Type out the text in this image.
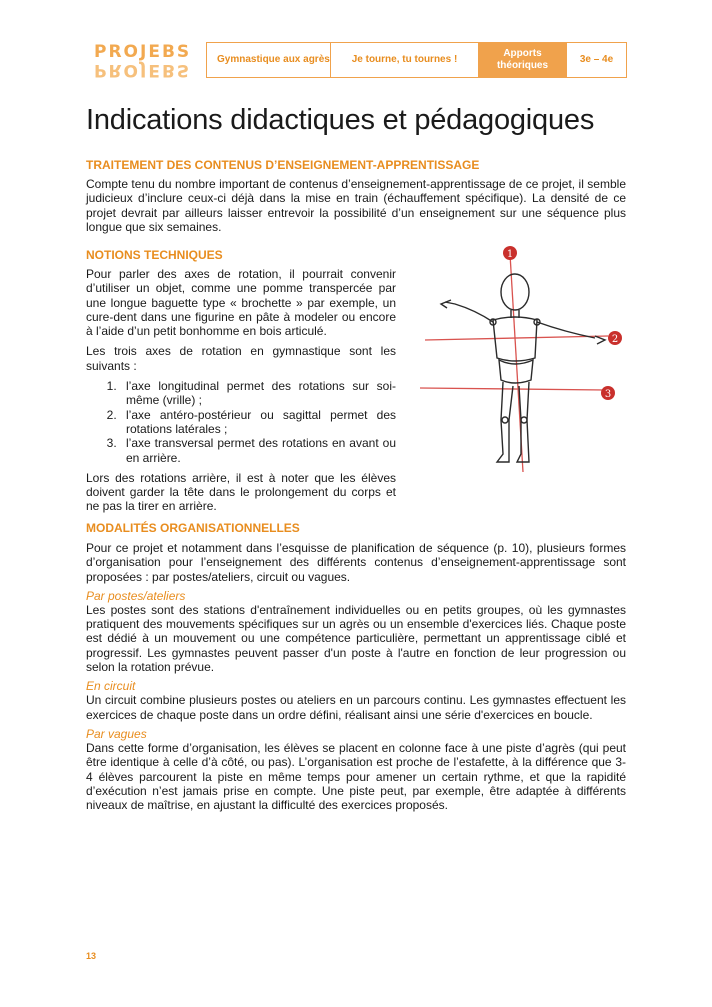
PROJEBS
PROJEBS
Gymnastique aux agrès	Je tourne, tu tournes !
Apports théoriques
3e – 4e
Indications didactiques et pédagogiques
TRAITEMENT DES CONTENUS D’ENSEIGNEMENT-APPRENTISSAGE

Compte tenu du nombre important de contenus d’enseignement-apprentissage de ce projet, il semble judicieux d’inclure ceux-ci déjà dans la mise en train (échauffement spécifique). La densité de ce projet devrait par ailleurs laisser entrevoir la possibilité d’un enseignement sur une séquence plus longue que six semaines.

NOTIONS TECHNIQUES

Pour parler des axes de rotation, il pourrait convenir d’utiliser un objet, comme une pomme transpercée par une longue baguette type « brochette » par exemple, un cure-dent dans une figurine en pâte à modeler ou encore à l’aide d’un petit bonhomme en bois articulé.

Les trois axes de rotation en gymnastique sont les suivants :

1. l’axe longitudinal permet des rotations sur soi-même (vrille) ;
2. l’axe antéro-postérieur ou sagittal permet des rotations latérales ;
3. l’axe transversal permet des rotations en avant ou en arrière.

Lors des rotations arrière, il est à noter que les élèves doivent garder la tête dans le prolongement du corps et ne pas la tirer en arrière.

1
2
3
MODALITÉS ORGANISATIONNELLES

Pour ce projet et notamment dans l’esquisse de planification de séquence (p. 10), plusieurs formes d’organisation pour l’enseignement des différents contenus d’enseignement-apprentissage sont proposées : par postes/ateliers, circuit ou vagues.

Par postes/ateliers

Les postes sont des stations d'entraînement individuelles ou en petits groupes, où les gymnastes pratiquent des mouvements spécifiques sur un agrès ou un ensemble d'exercices liés. Chaque poste est dédié à un mouvement ou une compétence particulière, permettant un apprentissage ciblé et progressif. Les gymnastes peuvent passer d'un poste à l'autre en fonction de leur progression ou selon la rotation prévue.

En circuit

Un circuit combine plusieurs postes ou ateliers en un parcours continu. Les gymnastes effectuent les exercices de chaque poste dans un ordre défini, réalisant ainsi une série d'exercices en boucle.

Par vagues

Dans cette forme d’organisation, les élèves se placent en colonne face à une piste d’agrès (qui peut être identique à celle d’à côté, ou pas). L’organisation est proche de l’estafette, à la différence que 3-4 élèves parcourent la piste en même temps pour amener un certain rythme, et que la rapidité d’exécution n’est jamais prise en compte. Une piste peut, par exemple, être adaptée à différents niveaux de maîtrise, en ajustant la difficulté des exercices proposés.

13
